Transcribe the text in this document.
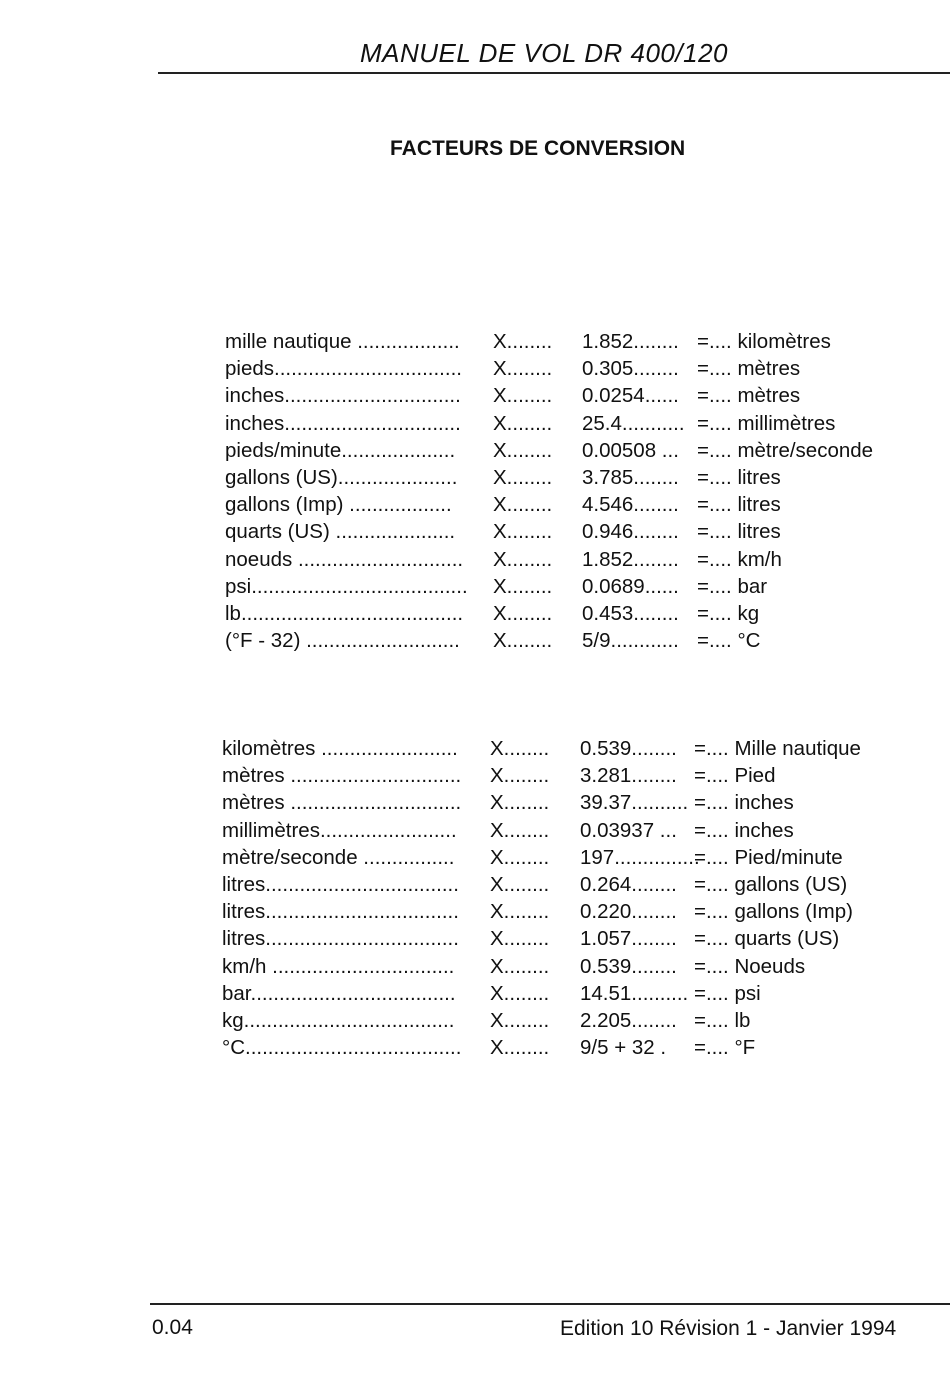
MANUEL DE VOL DR 400/120
FACTEURS DE CONVERSION
mille nautique .................. X........ 1.852........ =.... kilomètres
pieds................................. X........ 0.305........ =.... mètres
inches............................... X........ 0.0254...... =.... mètres
inches............................... X........ 25.4........... =.... millimètres
pieds/minute.................... X........ 0.00508 ... =.... mètre/seconde
gallons (US)..................... X........ 3.785........ =.... litres
gallons (Imp) .................. X........ 4.546........ =.... litres
quarts (US) ..................... X........ 0.946........ =.... litres
noeuds ............................. X........ 1.852........ =.... km/h
psi...................................... X........ 0.0689...... =.... bar
lb....................................... X........ 0.453........ =.... kg
(°F - 32) ........................... X........ 5/9............ =.... °C
kilomètres ........................ X........ 0.539........ =.... Mille nautique
mètres .............................. X........ 3.281........ =.... Pied
mètres .............................. X........ 39.37.......... =.... inches
millimètres........................ X........ 0.03937 ... =.... inches
mètre/seconde ................ X........ 197...............
=.... Pied/minute
litres.................................. X........ 0.264........ =.... gallons (US)
litres.................................. X........ 0.220........ =.... gallons (Imp)
litres.................................. X........ 1.057........ =.... quarts (US)
km/h ................................ X........ 0.539........ =.... Noeuds
bar.................................... X........ 14.51.......... =.... psi
kg..................................... X........ 2.205........ =.... lb
°C...................................... X........ 9/5 + 32 . =.... °F
0.04	Edition 10 Révision 1 - Janvier 1994
